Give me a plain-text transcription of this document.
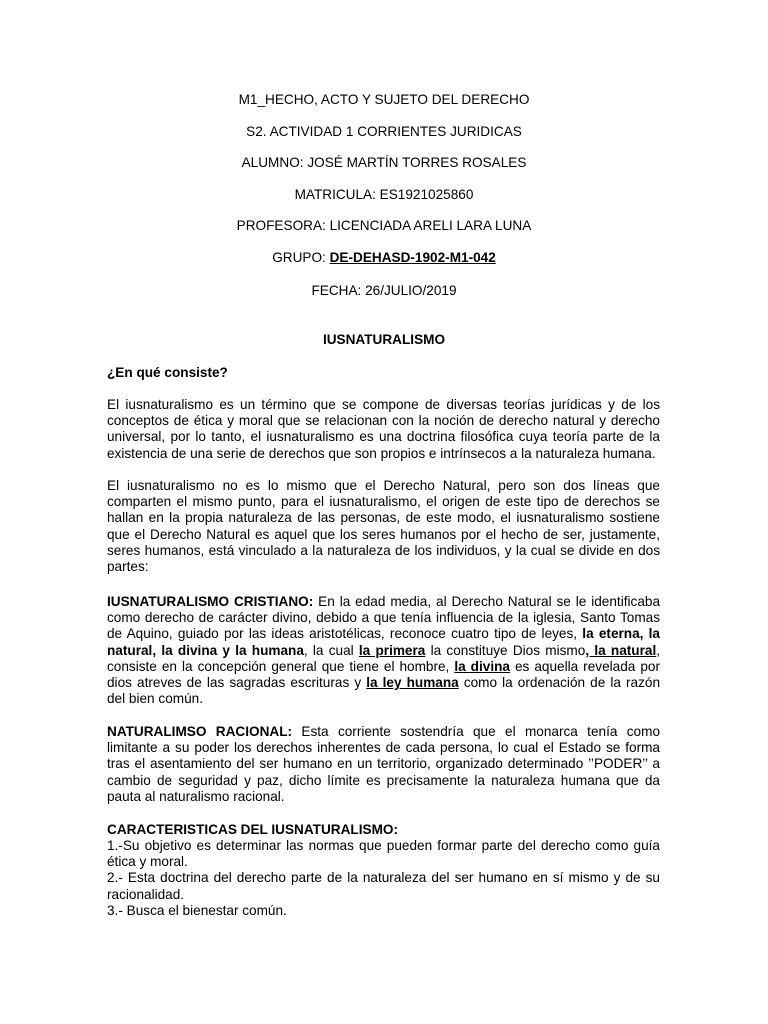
M1_HECHO, ACTO Y SUJETO DEL DERECHO
S2. ACTIVIDAD 1 CORRIENTES JURIDICAS
ALUMNO: JOSÉ MARTÍN TORRES ROSALES
MATRICULA: ES1921025860
PROFESORA: LICENCIADA ARELI LARA LUNA
GRUPO: DE-DEHASD-1902-M1-042
FECHA: 26/JULIO/2019
IUSNATURALISMO
¿En qué consiste?
El iusnaturalismo es un término que se compone de diversas teorías jurídicas y de los conceptos de ética y moral que se relacionan con la noción de derecho natural y derecho universal, por lo tanto, el iusnaturalismo es una doctrina filosófica cuya teoría parte de la existencia de una serie de derechos que son propios e intrínsecos a la naturaleza humana.
El iusnaturalismo no es lo mismo que el Derecho Natural, pero son dos líneas que comparten el mismo punto, para el iusnaturalismo, el origen de este tipo de derechos se hallan en la propia naturaleza de las personas, de este modo, el iusnaturalismo sostiene que el Derecho Natural es aquel que los seres humanos por el hecho de ser, justamente, seres humanos, está vinculado a la naturaleza de los individuos, y la cual se divide en dos partes:
IUSNATURALISMO CRISTIANO: En la edad media, al Derecho Natural se le identificaba como derecho de carácter divino, debido a que tenía influencia de la iglesia, Santo Tomas de Aquino, guiado por las ideas aristotélicas, reconoce cuatro tipo de leyes, la eterna, la natural, la divina y la humana, la cual la primera la constituye Dios mismo, la natural, consiste en la concepción general que tiene el hombre, la divina es aquella revelada por dios atreves de las sagradas escrituras y la ley humana como la ordenación de la razón del bien común.
NATURALIMSO RACIONAL: Esta corriente sostendría que el monarca tenía como limitante a su poder los derechos inherentes de cada persona, lo cual el Estado se forma tras el asentamiento del ser humano en un territorio, organizado determinado ’’PODER’’ a cambio de seguridad y paz, dicho límite es precisamente la naturaleza humana que da pauta al naturalismo racional.
CARACTERISTICAS DEL IUSNATURALISMO:
1.-Su objetivo es determinar las normas que pueden formar parte del derecho como guía ética y moral.
2.- Esta doctrina del derecho parte de la naturaleza del ser humano en sí mismo y de su racionalidad.
3.- Busca el bienestar común.
